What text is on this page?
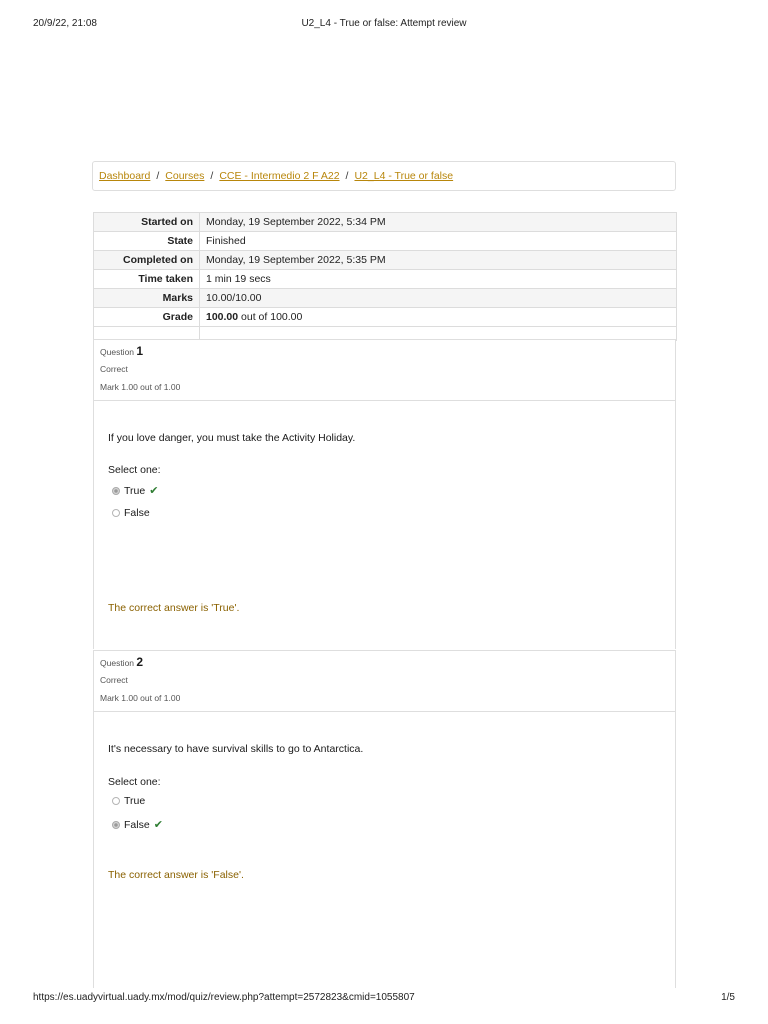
20/9/22, 21:08	U2_L4 - True or false: Attempt review
Dashboard / Courses / CCE - Intermedio 2 F A22 / U2_L4 - True or false
Started on	Monday, 19 September 2022, 5:34 PM
State	Finished
Completed on	Monday, 19 September 2022, 5:35 PM
Time taken	1 min 19 secs
Marks	10.00/10.00
Grade	100.00 out of 100.00

Question 1
Correct
Mark 1.00 out of 1.00
If you love danger, you must take the Activity Holiday.
Select one:
True ✔
False
The correct answer is 'True'.
Question 2
Correct
Mark 1.00 out of 1.00
It's necessary to have survival skills to go to Antarctica.
Select one:
True
False ✔
The correct answer is 'False'.
https://es.uadyvirtual.uady.mx/mod/quiz/review.php?attempt=2572823&cmid=1055807	1/5
